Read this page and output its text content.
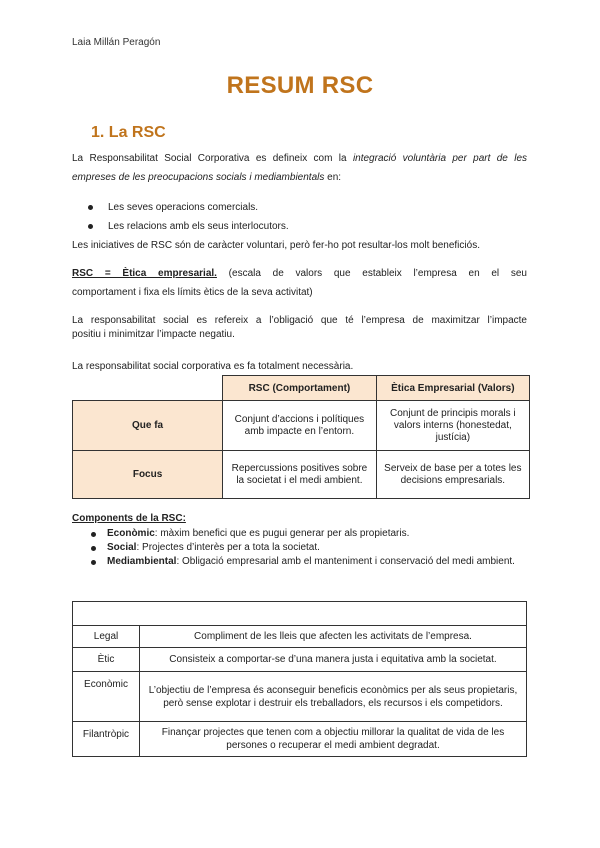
Laia Millán Peragón
RESUM RSC
1. La RSC
La Responsabilitat Social Corporativa es defineix com la integració voluntària per part de les
empreses de les preocupacions socials i mediambientals en:
Les seves operacions comercials.
Les relacions amb els seus interlocutors.
Les iniciatives de RSC són de caràcter voluntari, però fer-ho pot resultar-los molt beneficiós.
RSC = Ètica empresarial. (escala de valors que estableix l’empresa en el seu
comportament i fixa els límits ètics de la seva activitat)
La responsabilitat social es refereix a l’obligació que té l’empresa de maximitzar l’impacte
positiu i minimitzar l’impacte negatiu.
La responsabilitat social corporativa es fa totalment necessària.
	RSC (Comportament)	Ètica Empresarial (Valors)
Que fa	Conjunt d’accions i polítiques amb impacte en l’entorn.	Conjunt de principis morals i valors interns (honestedat, justícia)
Focus	Repercussions positives sobre la societat i el medi ambient.	Serveix de base per a totes les decisions empresarials.
Components de la RSC:
Econòmic: màxim benefici que es pugui generar per als propietaris.
Social: Projectes d’interès per a tota la societat.
Mediambiental: Obligació empresarial amb el manteniment i conservació del medi ambient.

Legal	Compliment de les lleis que afecten les activitats de l’empresa.
Ètic	Consisteix a comportar-se d’una manera justa i equitativa amb la societat.
Econòmic	L’objectiu de l’empresa és aconseguir beneficis econòmics per als seus propietaris, però sense explotar i destruir els treballadors, els recursos i els competidors.
Filantròpic	Finançar projectes que tenen com a objectiu millorar la qualitat de vida de les persones o recuperar el medi ambient degradat.
